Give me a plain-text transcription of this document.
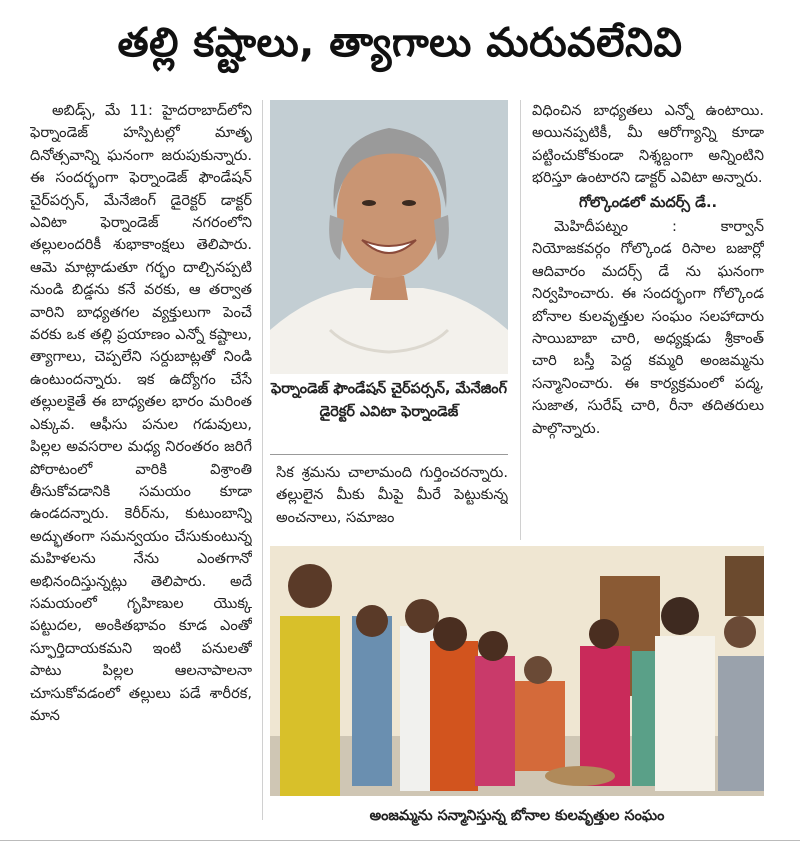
తల్లి కష్టాలు, త్యాగాలు మరువలేనివి

అబిడ్స్, మే 11: హైదరాబాద్‌లోని ఫెర్నాండెజ్ హస్పిటల్లో మాతృ దినోత్సవాన్ని ఘనంగా జరుపుకున్నారు. ఈ సందర్భంగా ఫెర్నాండెజ్ ఫౌండేషన్ చైర్‌పర్సన్, మేనేజింగ్ డైరెక్టర్ డాక్టర్ ఎవిటా ఫెర్నాండెజ్ నగరంలోని తల్లులందరికీ శుభాకాంక్షలు తెలిపారు. ఆమె మాట్లాడుతూ గర్భం దాల్చినప్పటి నుండి బిడ్డను కనే వరకు, ఆ తర్వాత వారిని బాధ్యతగల వ్యక్తులుగా పెంచే వరకు ఒక తల్లి ప్రయాణం ఎన్నో కష్టాలు, త్యాగాలు, చెప్పలేని సర్దుబాట్లతో నిండి ఉంటుందన్నారు. ఇక ఉద్యోగం చేసే తల్లులకైతే ఈ బాధ్యతల భారం మరింత ఎక్కువ. ఆఫీసు పనుల గడువులు, పిల్లల అవసరాల మధ్య నిరంతరం జరిగే పోరాటంలో వారికి విశ్రాంతి తీసుకోవడానికి సమయం కూడా ఉండదన్నారు. కెరీర్‌ను, కుటుంబాన్ని అద్భుతంగా సమన్వయం చేసుకుంటున్న మహిళలను నేను ఎంతగానో అభినందిస్తున్నట్లు తెలిపారు. అదే సమయంలో గృహిణుల యొక్క పట్టుదల, అంకితభావం కూడ ఎంతో స్ఫూర్తిదాయకమని ఇంటి పనులతో పాటు పిల్లల ఆలనాపాలనా చూసుకోవడంలో తల్లులు పడే శారీరక, మాన

ఫెర్నాండెజ్ ఫౌండేషన్ చైర్‌పర్సన్, మేనేజింగ్ డైరెక్టర్ ఎవిటా ఫెర్నాండెజ్

సిక శ్రమను చాలామంది గుర్తించరన్నారు. తల్లులైన మీకు మీపై మీరే పెట్టుకున్న అంచనాలు, సమాజం

విధించిన బాధ్యతలు ఎన్నో ఉంటాయి. అయినప్పటికీ, మీ ఆరోగ్యాన్ని కూడా పట్టించుకోకుండా నిశ్శబ్దంగా అన్నింటిని భరిస్తూ ఉంటారని డాక్టర్ ఎవిటా అన్నారు.

గోల్కొండలో మదర్స్ డే..

మెహిదీపట్నం : కార్వాన్ నియోజకవర్గం గోల్కొండ రిసాల బజార్లో ఆదివారం మదర్స్ డే ను ఘనంగా నిర్వహించారు. ఈ సందర్భంగా గోల్కొండ బోనాల కులవృత్తుల సంఘం సలహాదారు సాయిబాబా చారి, అధ్యక్షుడు శ్రీకాంత్ చారి బస్తీ పెద్ద కమ్మరి అంజమ్మను సన్మానించారు. ఈ కార్యక్రమంలో పద్మ, సుజాత, సురేష్ చారి, రీనా తదితరులు పాల్గొన్నారు.

అంజమ్మను సన్మానిస్తున్న బోనాల కులవృత్తుల సంఘం
